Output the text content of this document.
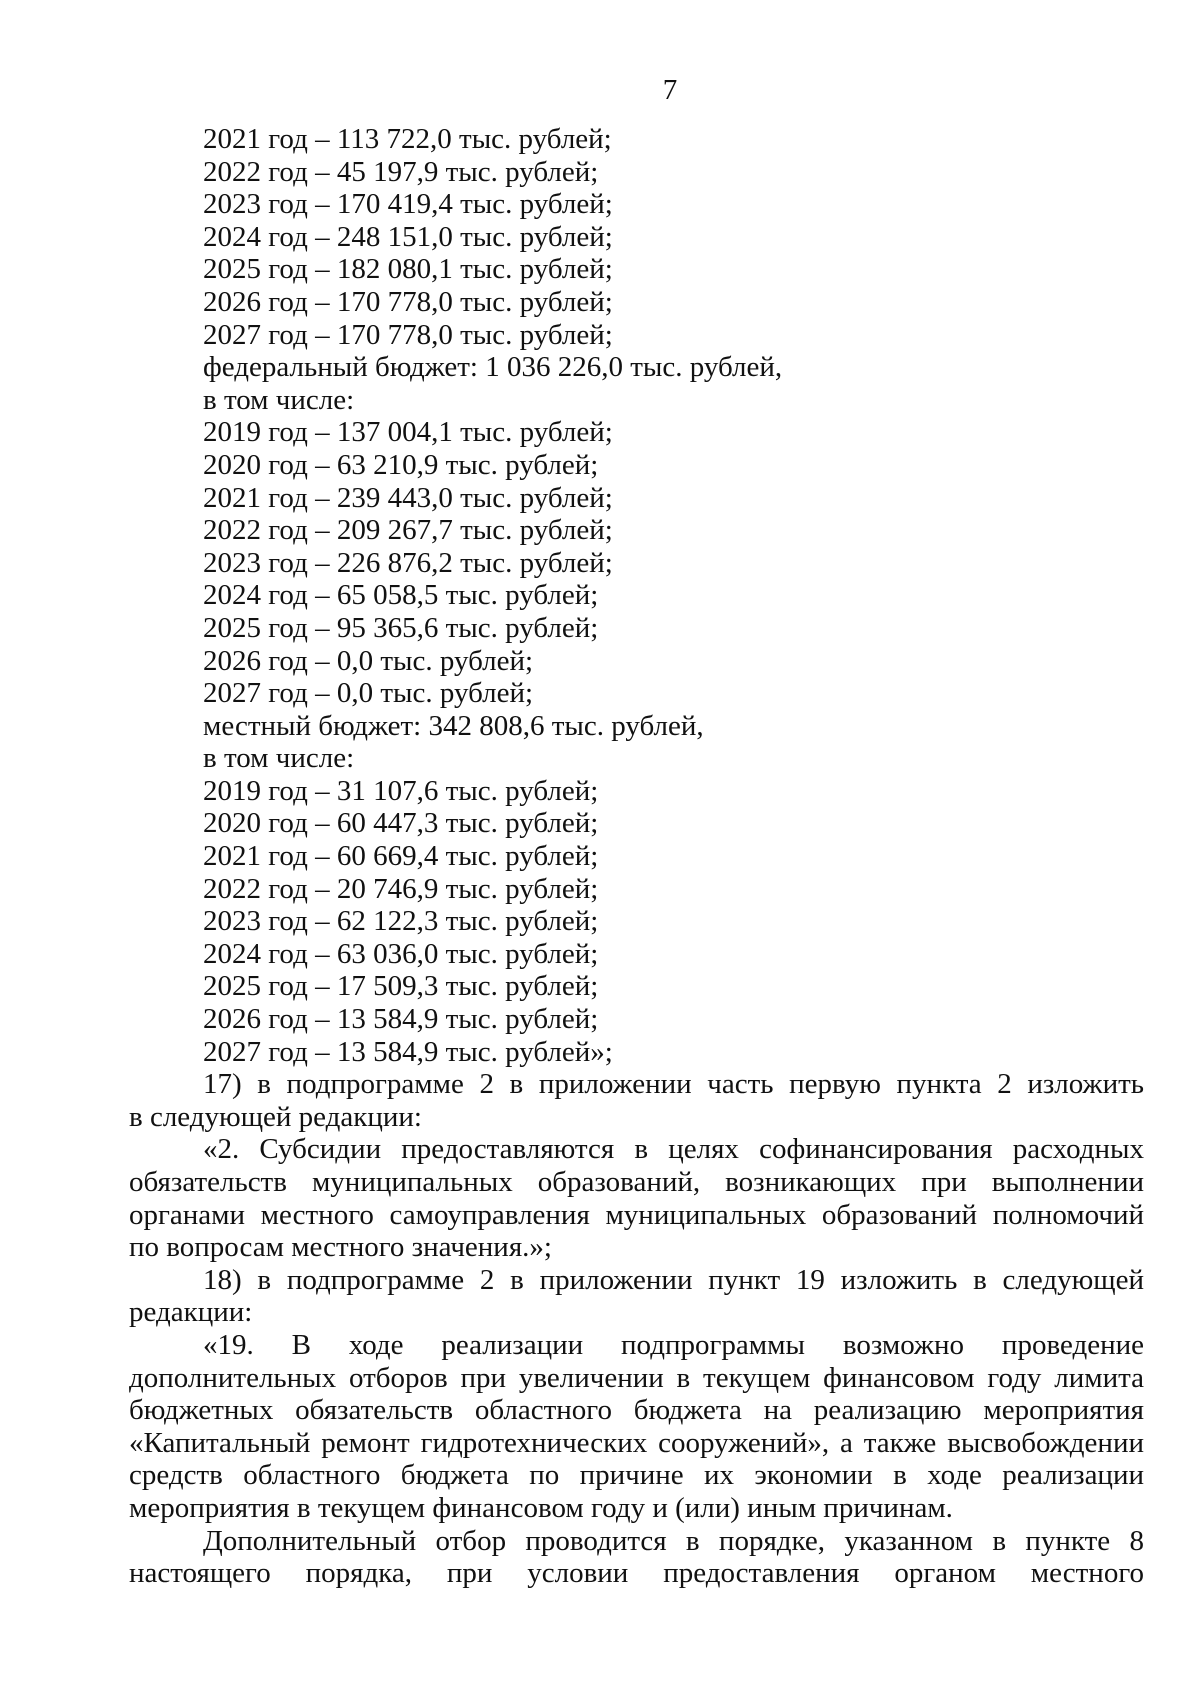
7
2021 год – 113 722,0 тыс. рублей;
2022 год – 45 197,9 тыс. рублей;
2023 год – 170 419,4 тыс. рублей;
2024 год – 248 151,0 тыс. рублей;
2025 год – 182 080,1 тыс. рублей;
2026 год – 170 778,0 тыс. рублей;
2027 год – 170 778,0 тыс. рублей;
федеральный бюджет: 1 036 226,0 тыс. рублей,
в том числе:
2019 год – 137 004,1 тыс. рублей;
2020 год – 63 210,9 тыс. рублей;
2021 год – 239 443,0 тыс. рублей;
2022 год – 209 267,7 тыс. рублей;
2023 год – 226 876,2 тыс. рублей;
2024 год – 65 058,5 тыс. рублей;
2025 год – 95 365,6 тыс. рублей;
2026 год – 0,0 тыс. рублей;
2027 год – 0,0 тыс. рублей;
местный бюджет: 342 808,6 тыс. рублей,
в том числе:
2019 год – 31 107,6 тыс. рублей;
2020 год – 60 447,3 тыс. рублей;
2021 год – 60 669,4 тыс. рублей;
2022 год – 20 746,9 тыс. рублей;
2023 год – 62 122,3 тыс. рублей;
2024 год – 63 036,0 тыс. рублей;
2025 год – 17 509,3 тыс. рублей;
2026 год – 13 584,9 тыс. рублей;
2027 год – 13 584,9 тыс. рублей»;
17) в подпрограмме 2 в приложении часть первую пункта 2 изложить
в следующей редакции:
«2. Субсидии предоставляются в целях софинансирования расходных
обязательств муниципальных образований, возникающих при выполнении
органами местного самоуправления муниципальных образований полномочий
по вопросам местного значения.»;
18) в подпрограмме 2 в приложении пункт 19 изложить в следующей
редакции:
«19. В ходе реализации подпрограммы возможно проведение
дополнительных отборов при увеличении в текущем финансовом году лимита
бюджетных обязательств областного бюджета на реализацию мероприятия
«Капитальный ремонт гидротехнических сооружений», а также высвобождении
средств областного бюджета по причине их экономии в ходе реализации
мероприятия в текущем финансовом году и (или) иным причинам.
Дополнительный отбор проводится в порядке, указанном в пункте 8
настоящего порядка, при условии предоставления органом местного
